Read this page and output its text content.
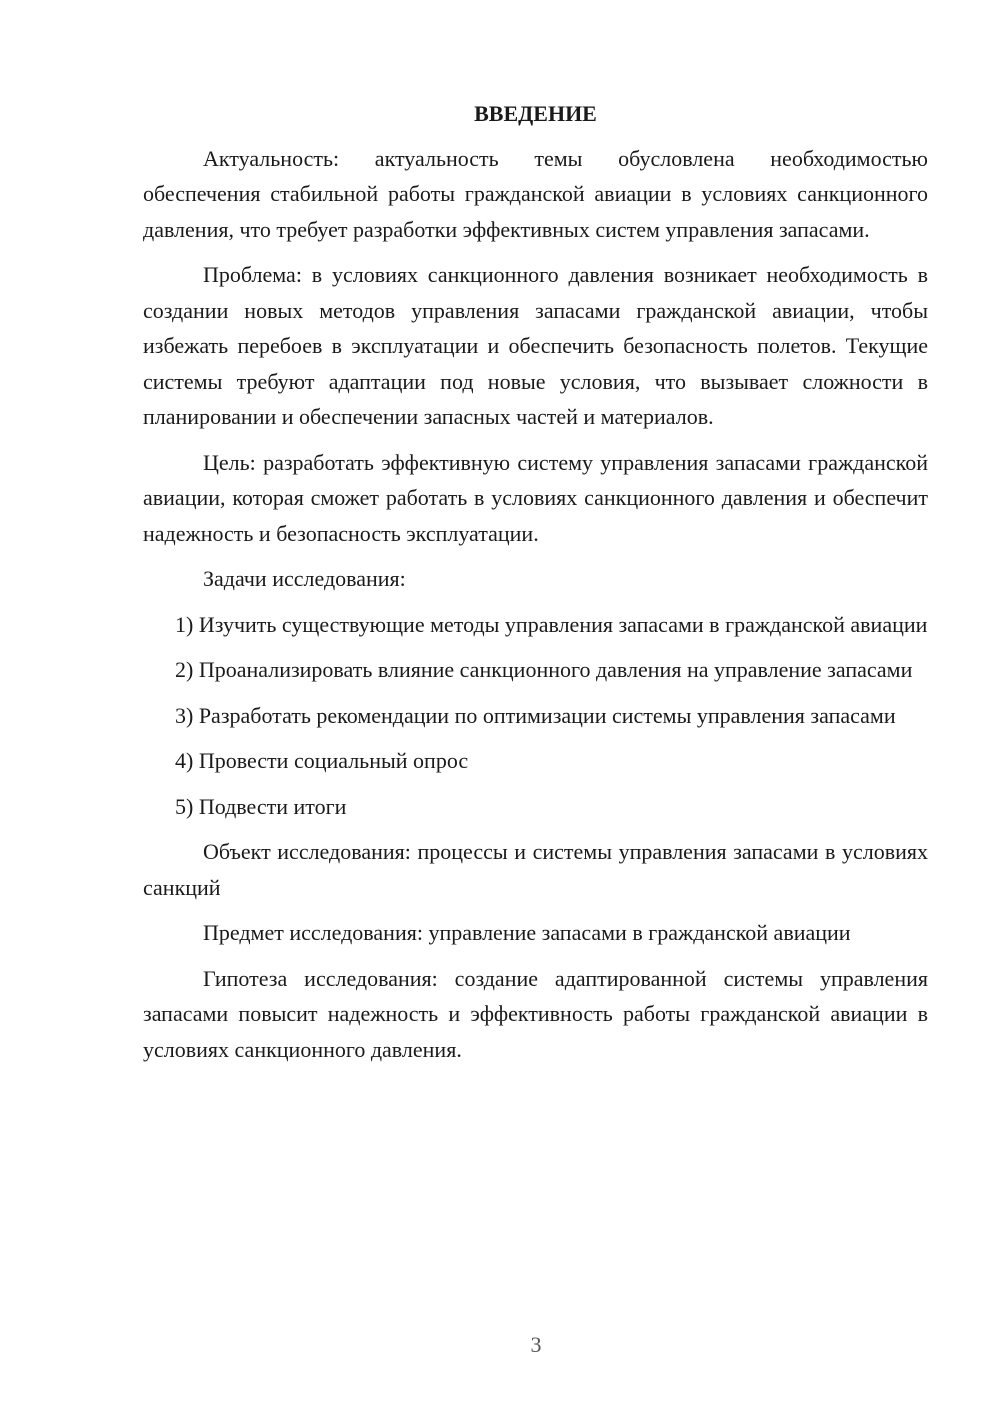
ВВЕДЕНИЕ

Актуальность: актуальность темы обусловлена необходимостью обеспечения стабильной работы гражданской авиации в условиях санкционного давления, что требует разработки эффективных систем управления запасами.

Проблема: в условиях санкционного давления возникает необходимость в создании новых методов управления запасами гражданской авиации, чтобы избежать перебоев в эксплуатации и обеспечить безопасность полетов. Текущие системы требуют адаптации под новые условия, что вызывает сложности в планировании и обеспечении запасных частей и материалов.

Цель: разработать эффективную систему управления запасами гражданской авиации, которая сможет работать в условиях санкционного давления и обеспечит надежность и безопасность эксплуатации.

Задачи исследования:

1) Изучить существующие методы управления запасами в гражданской авиации

2) Проанализировать влияние санкционного давления на управление запасами

3) Разработать рекомендации по оптимизации системы управления запасами

4) Провести социальный опрос

5) Подвести итоги

Объект исследования: процессы и системы управления запасами в условиях санкций

Предмет исследования: управление запасами в гражданской авиации

Гипотеза исследования: создание адаптированной системы управления запасами повысит надежность и эффективность работы гражданской авиации в условиях санкционного давления.

3
